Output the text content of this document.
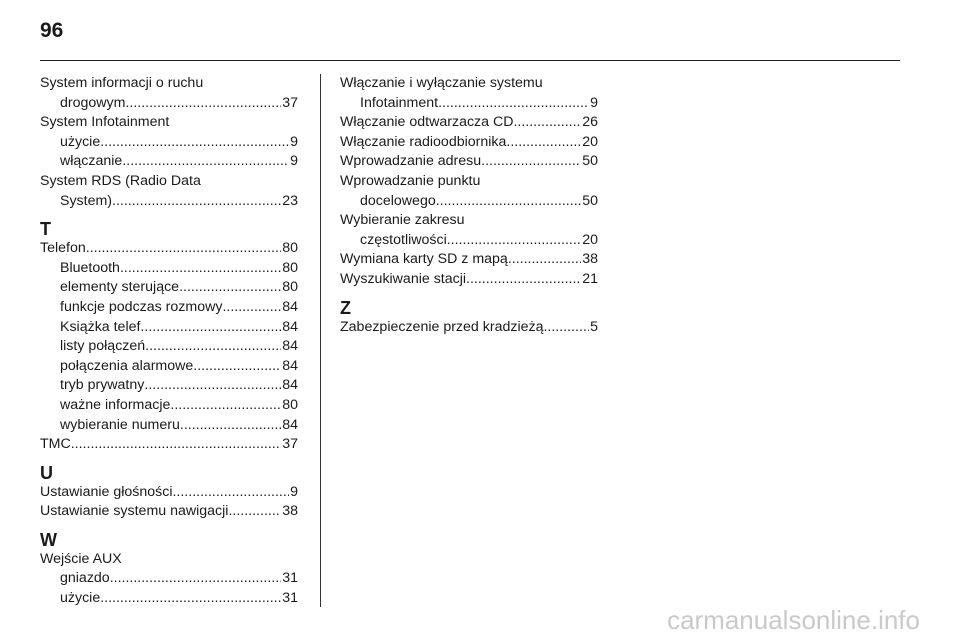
96
System informacji o ruchu
drogowym .....	37
System Infotainment
użycie .....	9
włączanie .....	9
System RDS (Radio Data
System) .....	23
T
Telefon .....	80
Bluetooth .....	80
elementy sterujące .....	80
funkcje podczas rozmowy .....	84
Książka telef. .....	84
listy połączeń .....	84
połączenia alarmowe .....	84
tryb prywatny .....	84
ważne informacje .....	80
wybieranie numeru .....	84
TMC .....	37
U
Ustawianie głośności .....	9
Ustawianie systemu nawigacji .....	38
W
Wejście AUX
gniazdo .....	31
użycie .....	31
Włączanie i wyłączanie systemu
Infotainment .....	9
Włączanie odtwarzacza CD .....	26
Włączanie radioodbiornika .....	20
Wprowadzanie adresu .....	50
Wprowadzanie punktu
docelowego .....	50
Wybieranie zakresu
częstotliwości .....	20
Wymiana karty SD z mapą .....	38
Wyszukiwanie stacji .....	21
Z
Zabezpieczenie przed kradzieżą .....	5
carmanualsonline.info
